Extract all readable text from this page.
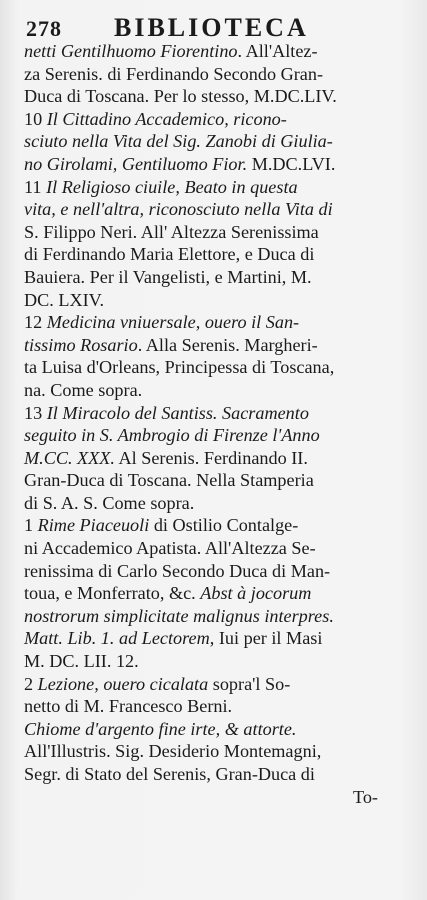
278 BIBLIOTECA
netti Gentilhuomo Fiorentino. All'Altez-
za Serenis. di Ferdinando Secondo Gran-
Duca di Toscana. Per lo stesso, M.DC.LIV.
10 Il Cittadino Accademico, ricono-
sciuto nella Vita del Sig. Zanobi di Giulia-
no Girolami, Gentiluomo Fior. M.DC.LVI.
11 Il Religioso ciuile, Beato in questa
vita, e nell'altra, riconosciuto nella Vita di
S. Filippo Neri. All' Altezza Serenissima
di Ferdinando Maria Elettore, e Duca di
Bauiera. Per il Vangelisti, e Martini, M.
DC. LXIV.
12 Medicina vniuersale, ouero il San-
tissimo Rosario. Alla Serenis. Margheri-
ta Luisa d'Orleans, Principessa di Toscana,
na. Come sopra.
13 Il Miracolo del Santiss. Sacramento
seguito in S. Ambrogio di Firenze l'Anno
M.CC. XXX. Al Serenis. Ferdinando II.
Gran-Duca di Toscana. Nella Stamperia
di S. A. S. Come sopra.
1 Rime Piaceuoli di Ostilio Contalge-
ni Accademico Apatista. All'Altezza Se-
renissima di Carlo Secondo Duca di Man-
toua, e Monferrato, &c. Abst à jocorum
nostrorum simplicitate malignus interpres.
Matt. Lib. 1. ad Lectorem, Iui per il Masi
M. DC. LII. 12.
2 Lezione, ouero cicalata sopra'l So-
netto di M. Francesco Berni.
Chiome d'argento fine irte, & attorte.
All'Illustris. Sig. Desiderio Montemagni,
Segr. di Stato del Serenis, Gran-Duca di
To-
